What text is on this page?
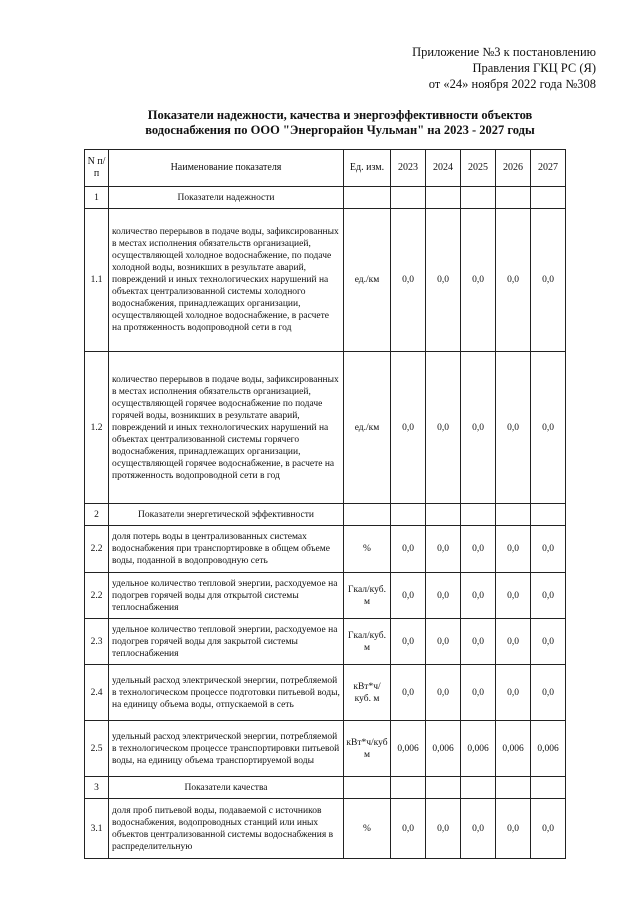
Приложение №3 к постановлению
Правления ГКЦ РС (Я)
от «24» ноября 2022 года №308
Показатели надежности, качества и энергоэффективности объектов
водоснабжения по ООО "Энергорайон Чульман" на 2023 - 2027 годы
N п/п	Наименование показателя	Ед. изм.	2023	2024	2025	2026	2027
1	Показатели надежности						
1.1	количество перерывов в подаче воды, зафиксированных в местах исполнения обязательств организацией, осуществляющей холодное водоснабжение, по подаче холодной воды, возникших в результате аварий, повреждений и иных технологических нарушений на объектах централизованной системы холодного водоснабжения, принадлежащих организации, осуществляющей холодное водоснабжение, в расчете на протяженность водопроводной сети в год	ед./км	0,0	0,0	0,0	0,0	0,0
1.2	количество перерывов в подаче воды, зафиксированных в местах исполнения обязательств организацией, осуществляющей горячее водоснабжение по подаче горячей воды, возникших в результате аварий, повреждений и иных технологических нарушений на объектах централизованной системы горячего водоснабжения, принадлежащих организации, осуществляющей горячее водоснабжение, в расчете на протяженность водопроводной сети в год	ед./км	0,0	0,0	0,0	0,0	0,0
2	Показатели энергетической эффективности						
2.2	доля потерь воды в централизованных системах водоснабжения при транспортировке в общем объеме воды, поданной в водопроводную сеть	%	0,0	0,0	0,0	0,0	0,0
2.2	удельное количество тепловой энергии, расходуемое на подогрев горячей воды для открытой системы теплоснабжения	Гкал/куб. м	0,0	0,0	0,0	0,0	0,0
2.3	удельное количество тепловой энергии, расходуемое на подогрев горячей воды для закрытой системы теплоснабжения	Гкал/куб. м	0,0	0,0	0,0	0,0	0,0
2.4	удельный расход электрической энергии, потребляемой в технологическом процессе подготовки питьевой воды, на единицу объема воды, отпускаемой в сеть	кВт*ч/куб. м	0,0	0,0	0,0	0,0	0,0
2.5	удельный расход электрической энергии, потребляемой в технологическом процессе транспортировки питьевой воды, на единицу объема транспортируемой воды	кВт*ч/куб м	0,006	0,006	0,006	0,006	0,006
3	Показатели качества						
3.1	доля проб питьевой воды, подаваемой с источников водоснабжения, водопроводных станций или иных объектов централизованной системы водоснабжения в распределительную	%	0,0	0,0	0,0	0,0	0,0
